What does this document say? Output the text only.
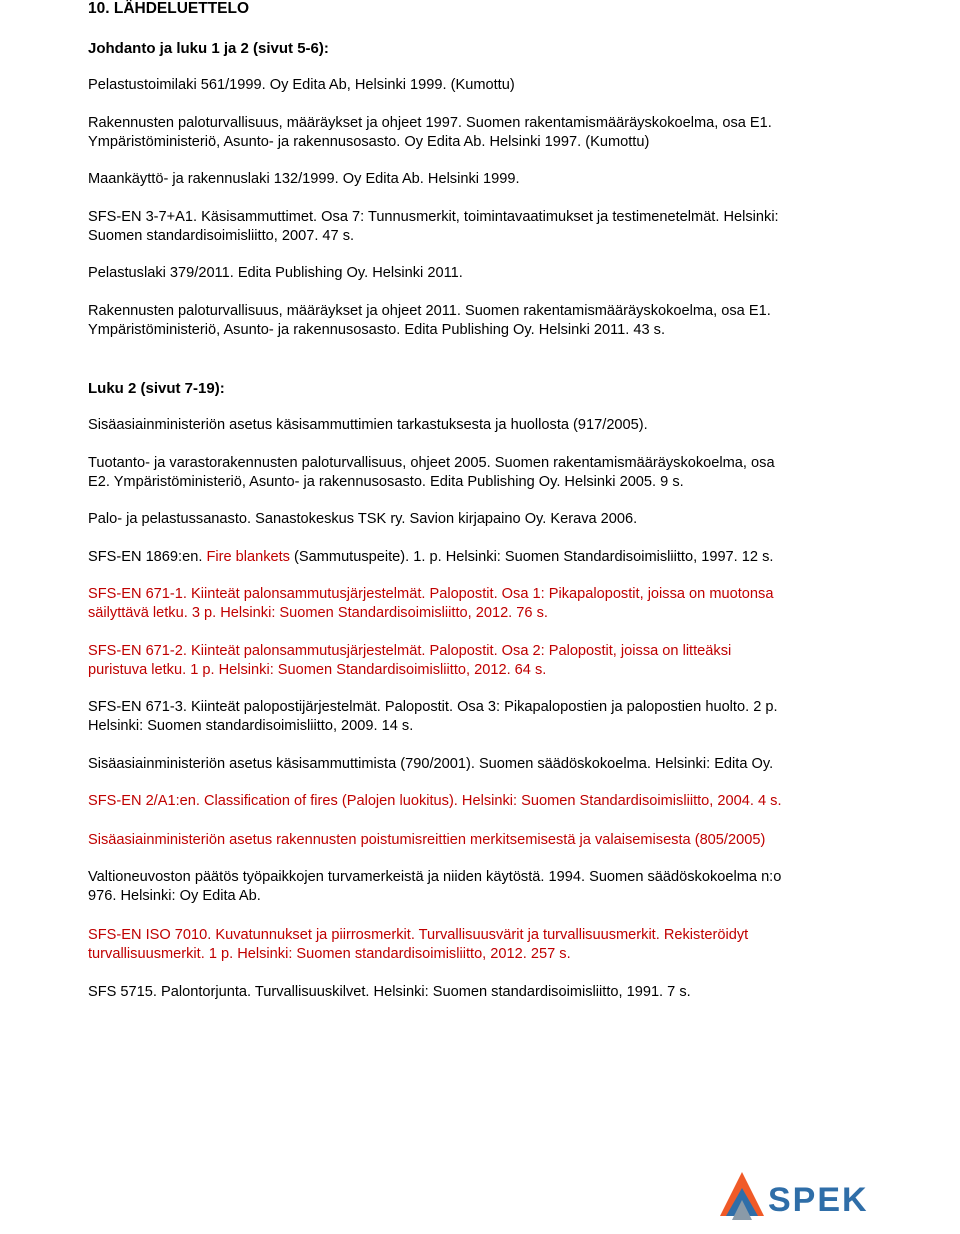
10. LÄHDELUETTELO
Johdanto ja luku 1 ja 2 (sivut 5-6):
Pelastustoimilaki 561/1999. Oy Edita Ab, Helsinki 1999. (Kumottu)
Rakennusten paloturvallisuus, määräykset ja ohjeet 1997. Suomen rakentamismääräyskokoelma, osa E1.
Ympäristöministeriö, Asunto- ja rakennusosasto. Oy Edita Ab. Helsinki 1997. (Kumottu)
Maankäyttö- ja rakennuslaki 132/1999. Oy Edita Ab. Helsinki 1999.
SFS-EN 3-7+A1. Käsisammuttimet. Osa 7: Tunnusmerkit, toimintavaatimukset ja testimenetelmät. Helsinki:
Suomen standardisoimisliitto, 2007. 47 s.
Pelastuslaki 379/2011. Edita Publishing Oy. Helsinki 2011.
Rakennusten paloturvallisuus, määräykset ja ohjeet 2011. Suomen rakentamismääräyskokoelma, osa E1.
Ympäristöministeriö, Asunto- ja rakennusosasto. Edita Publishing Oy. Helsinki 2011. 43 s.
Luku 2 (sivut 7-19):
Sisäasiainministeriön asetus käsisammuttimien tarkastuksesta ja huollosta (917/2005).
Tuotanto- ja varastorakennusten paloturvallisuus, ohjeet 2005. Suomen rakentamismääräyskokoelma, osa
E2. Ympäristöministeriö, Asunto- ja rakennusosasto. Edita Publishing Oy. Helsinki 2005. 9 s.
Palo- ja pelastussanasto. Sanastokeskus TSK ry. Savion kirjapaino Oy. Kerava 2006.
SFS-EN 1869:en. Fire blankets (Sammutuspeite). 1. p. Helsinki: Suomen Standardisoimisliitto, 1997. 12 s.
SFS-EN 671-1. Kiinteät palonsammutusjärjestelmät. Palopostit. Osa 1: Pikapalopostit, joissa on muotonsa
säilyttävä letku. 3 p. Helsinki: Suomen Standardisoimisliitto, 2012. 76 s.
SFS-EN 671-2. Kiinteät palonsammutusjärjestelmät. Palopostit. Osa 2: Palopostit, joissa on litteäksi
puristuva letku. 1 p. Helsinki: Suomen Standardisoimisliitto, 2012. 64 s.
SFS-EN 671-3. Kiinteät palopostijärjestelmät. Palopostit. Osa 3: Pikapalopostien ja palopostien huolto. 2 p.
Helsinki: Suomen standardisoimisliitto, 2009. 14 s.
Sisäasiainministeriön asetus käsisammuttimista (790/2001). Suomen säädöskokoelma. Helsinki: Edita Oy.
SFS-EN 2/A1:en. Classification of fires (Palojen luokitus). Helsinki: Suomen Standardisoimisliitto, 2004. 4 s.
Sisäasiainministeriön asetus rakennusten poistumisreittien merkitsemisestä ja valaisemisesta (805/2005)
Valtioneuvoston päätös työpaikkojen turvamerkeistä ja niiden käytöstä. 1994. Suomen säädöskokoelma n:o
976. Helsinki: Oy Edita Ab.
SFS-EN ISO 7010. Kuvatunnukset ja piirrosmerkit. Turvallisuusvärit ja turvallisuusmerkit. Rekisteröidyt
turvallisuusmerkit. 1 p. Helsinki: Suomen standardisoimisliitto, 2012. 257 s.
SFS 5715. Palontorjunta. Turvallisuuskilvet. Helsinki: Suomen standardisoimisliitto, 1991. 7 s.
SPEK
